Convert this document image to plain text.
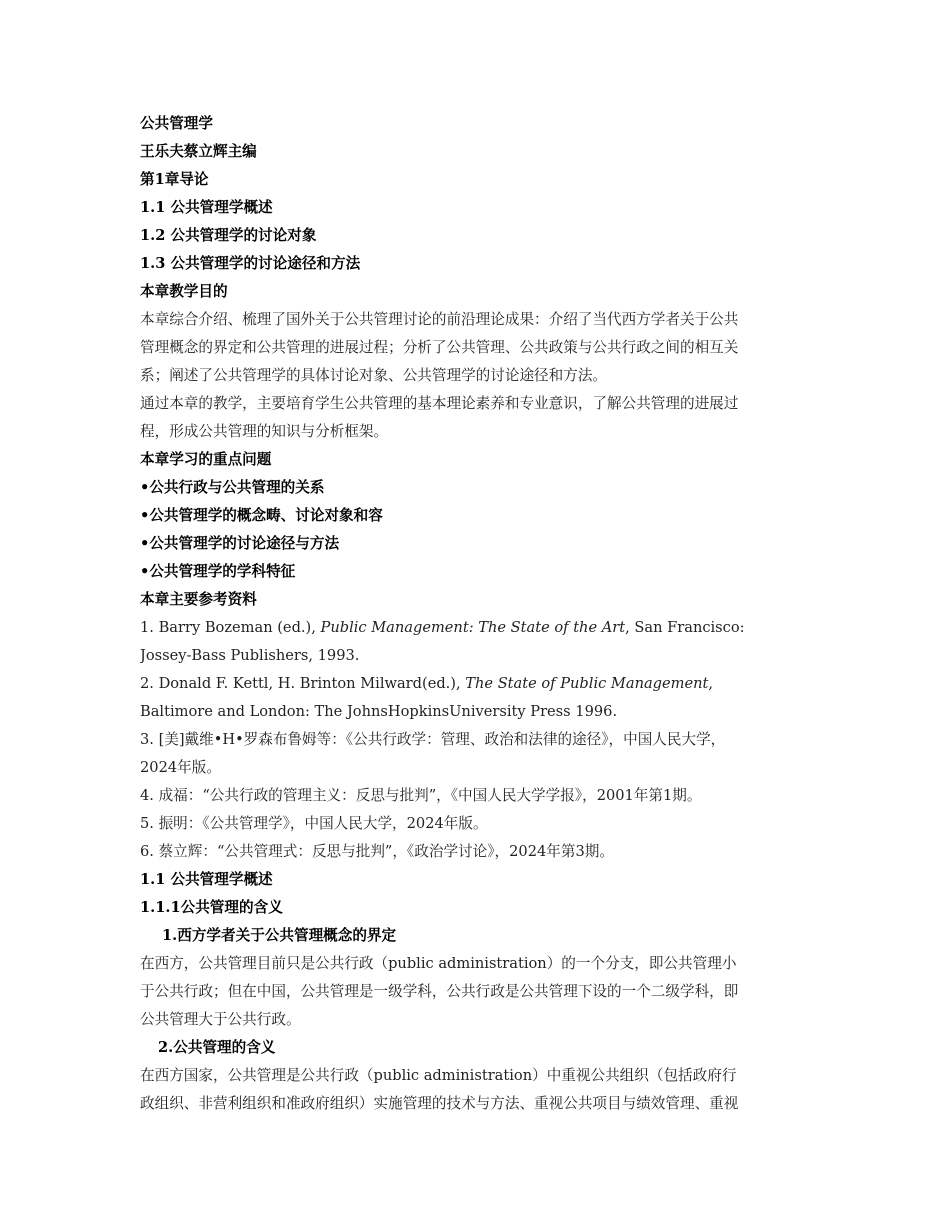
公共管理学
王乐夫蔡立辉主编
第1章导论
1.1 公共管理学概述
1.2 公共管理学的讨论对象
1.3 公共管理学的讨论途径和方法
本章教学目的
本章综合介绍、梳理了国外关于公共管理讨论的前沿理论成果：介绍了当代西方学者关于公共
管理概念的界定和公共管理的进展过程；分析了公共管理、公共政策与公共行政之间的相互关
系；阐述了公共管理学的具体讨论对象、公共管理学的讨论途径和方法。
通过本章的教学，主要培育学生公共管理的基本理论素养和专业意识，了解公共管理的进展过
程，形成公共管理的知识与分析框架。
本章学习的重点问题
•公共行政与公共管理的关系
•公共管理学的概念畴、讨论对象和容
•公共管理学的讨论途径与方法
•公共管理学的学科特征
本章主要参考资料
1. Barry Bozeman (ed.), Public Management: The State of the Art, San Francisco:
Jossey-Bass Publishers, 1993.
2. Donald F. Kettl, H. Brinton Milward(ed.), The State of Public Management,
Baltimore and London: The JohnsHopkinsUniversity Press 1996.
3. [美]戴维•H•罗森布鲁姆等：《公共行政学：管理、政治和法律的途径》，中国人民大学，
2024年版。
4. 成福：“公共行政的管理主义：反思与批判”，《中国人民大学学报》，2001年第1期。
5. 振明：《公共管理学》，中国人民大学，2024年版。
6. 蔡立辉：“公共管理式：反思与批判”，《政治学讨论》，2024年第3期。
1.1 公共管理学概述
1.1.1公共管理的含义
1.西方学者关于公共管理概念的界定
在西方，公共管理目前只是公共行政（public administration）的一个分支，即公共管理小
于公共行政；但在中国，公共管理是一级学科，公共行政是公共管理下设的一个二级学科，即
公共管理大于公共行政。
2.公共管理的含义
在西方国家，公共管理是公共行政（public administration）中重视公共组织（包括政府行
政组织、非营利组织和准政府组织）实施管理的技术与方法、重视公共项目与绩效管理、重视
